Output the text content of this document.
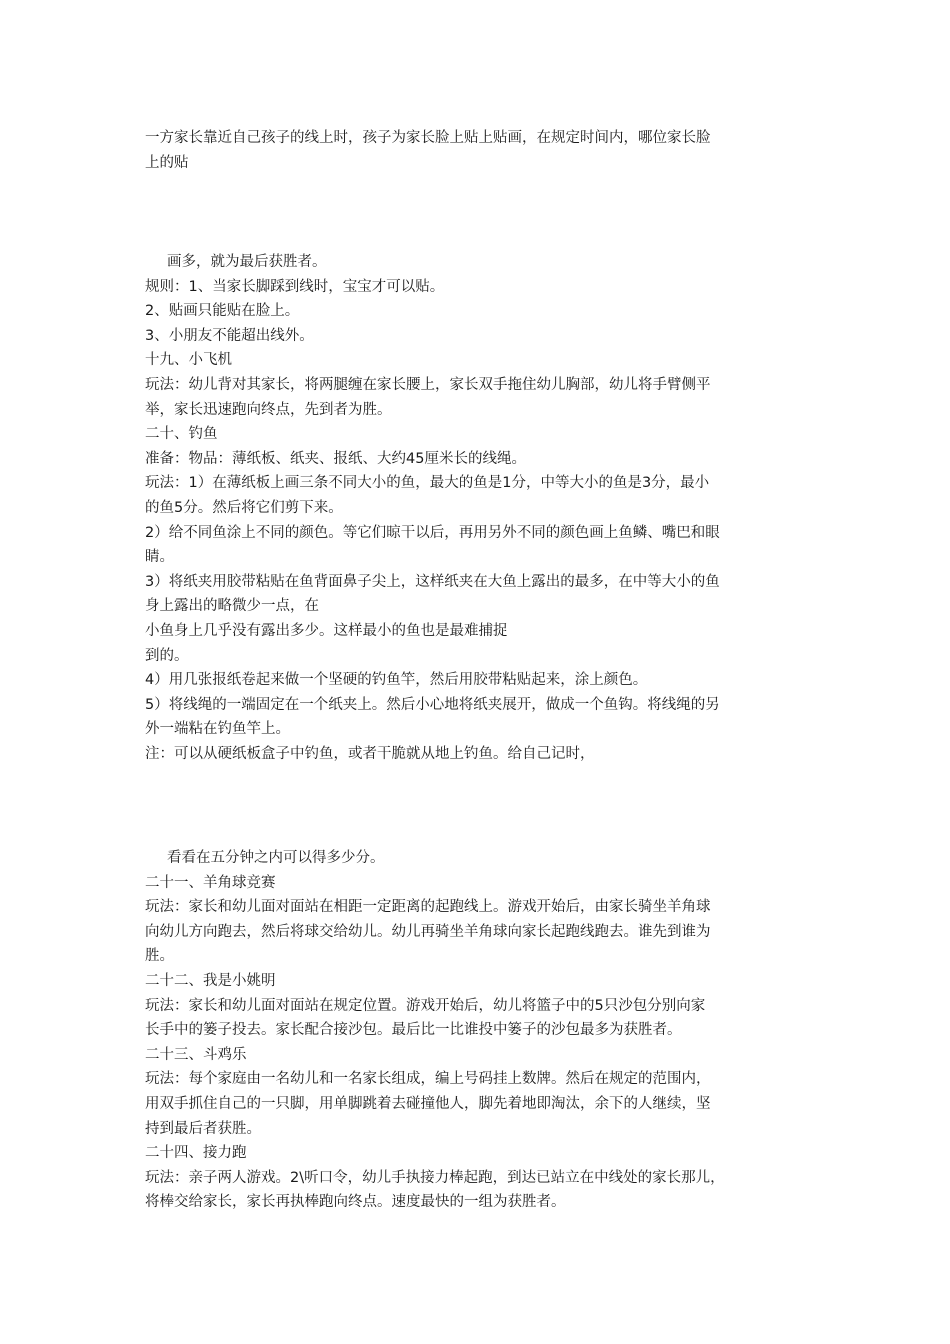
一方家长靠近自己孩子的线上时，孩子为家长脸上贴上贴画，在规定时间内，哪位家长脸

上的贴

画多，就为最后获胜者。

规则：1、当家长脚踩到线时，宝宝才可以贴。

2、贴画只能贴在脸上。

3、小朋友不能超出线外。

十九、小飞机

玩法：幼儿背对其家长，将两腿缠在家长腰上，家长双手拖住幼儿胸部，幼儿将手臂侧平

举，家长迅速跑向终点，先到者为胜。

二十、钓鱼

准备：物品：薄纸板、纸夹、报纸、大约45厘米长的线绳。

玩法：1）在薄纸板上画三条不同大小的鱼，最大的鱼是1分，中等大小的鱼是3分，最小

的鱼5分。然后将它们剪下来。

2）给不同鱼涂上不同的颜色。等它们晾干以后，再用另外不同的颜色画上鱼鳞、嘴巴和眼

睛。

3）将纸夹用胶带粘贴在鱼背面鼻子尖上，这样纸夹在大鱼上露出的最多，在中等大小的鱼

身上露出的略微少一点，在

小鱼身上几乎没有露出多少。这样最小的鱼也是最难捕捉

到的。

4）用几张报纸卷起来做一个坚硬的钓鱼竿，然后用胶带粘贴起来，涂上颜色。

5）将线绳的一端固定在一个纸夹上。然后小心地将纸夹展开，做成一个鱼钩。将线绳的另

外一端粘在钓鱼竿上。

注：可以从硬纸板盒子中钓鱼，或者干脆就从地上钓鱼。给自己记时，

看看在五分钟之内可以得多少分。

二十一、羊角球竞赛

玩法：家长和幼儿面对面站在相距一定距离的起跑线上。游戏开始后，由家长骑坐羊角球

向幼儿方向跑去，然后将球交给幼儿。幼儿再骑坐羊角球向家长起跑线跑去。谁先到谁为

胜。

二十二、我是小姚明

玩法：家长和幼儿面对面站在规定位置。游戏开始后，幼儿将篮子中的5只沙包分别向家

长手中的篓子投去。家长配合接沙包。最后比一比谁投中篓子的沙包最多为获胜者。

二十三、斗鸡乐

玩法：每个家庭由一名幼儿和一名家长组成，编上号码挂上数牌。然后在规定的范围内，

用双手抓住自己的一只脚，用单脚跳着去碰撞他人，脚先着地即淘汰，余下的人继续，坚

持到最后者获胜。

二十四、接力跑

玩法：亲子两人游戏。2\听口令，幼儿手执接力棒起跑，到达已站立在中线处的家长那儿，

将棒交给家长，家长再执棒跑向终点。速度最快的一组为获胜者。
